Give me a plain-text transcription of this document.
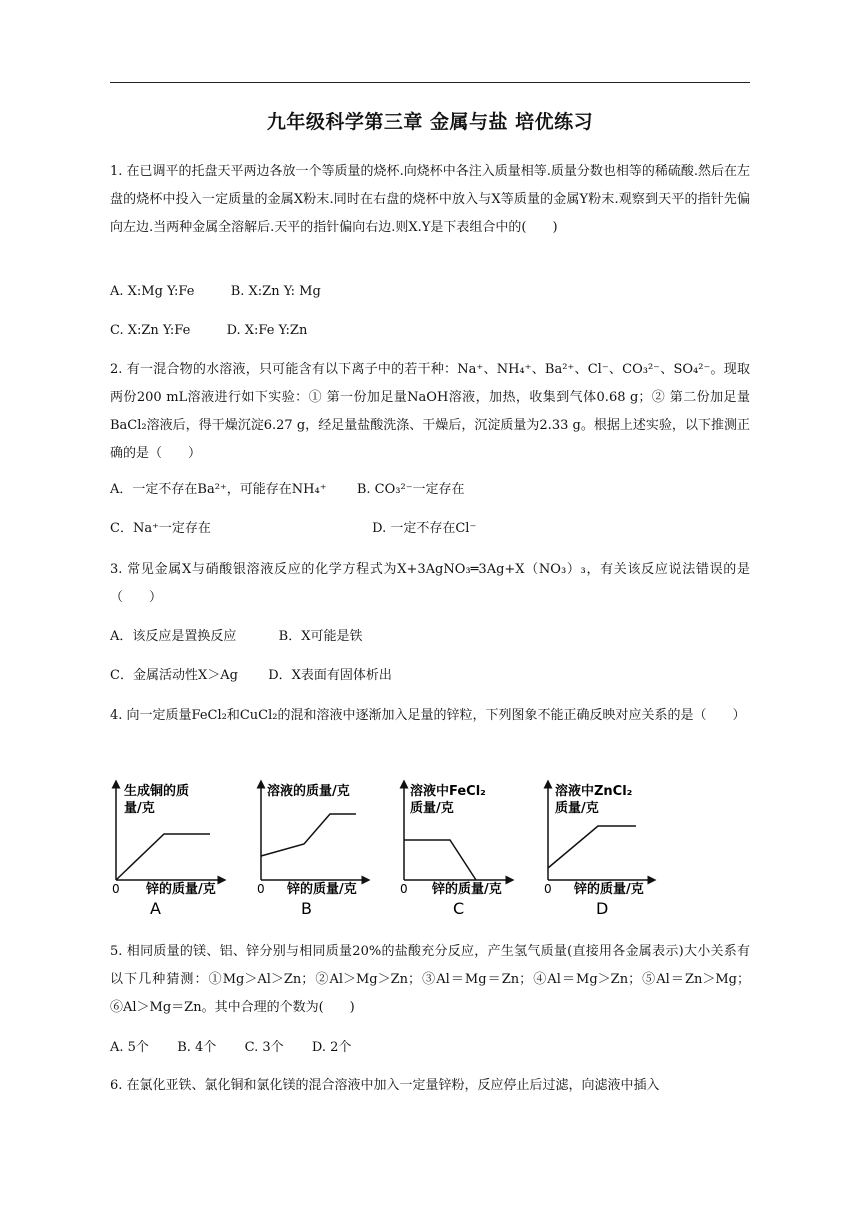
九年级科学第三章 金属与盐 培优练习
1. 在已调平的托盘天平两边各放一个等质量的烧杯.向烧杯中各注入质量相等.质量分数也相等的稀硫酸.然后在左盘的烧杯中投入一定质量的金属X粉末.同时在右盘的烧杯中放入与X等质量的金属Y粉末.观察到天平的指针先偏向左边.当两种金属全溶解后.天平的指针偏向右边.则X.Y是下表组合中的(　　)
A. X:Mg Y:Fe	B. X:Zn Y: Mg
C. X:Zn Y:Fe	D. X:Fe Y:Zn
2. 有一混合物的水溶液，只可能含有以下离子中的若干种：Na⁺、NH₄⁺、Ba²⁺、Cl⁻、CO₃²⁻、SO₄²⁻。现取两份200 mL溶液进行如下实验：① 第一份加足量NaOH溶液，加热，收集到气体0.68 g；② 第二份加足量BaCl₂溶液后，得干燥沉淀6.27 g，经足量盐酸洗涤、干燥后，沉淀质量为2.33 g。根据上述实验，以下推测正确的是（　　）
A．一定不存在Ba²⁺，可能存在NH₄⁺ B. CO₃²⁻一定存在
C．Na⁺一定存在	D. 一定不存在Cl⁻
3. 常见金属X与硝酸银溶液反应的化学方程式为X+3AgNO₃═3Ag+X（NO₃）₃，有关该反应说法错误的是（　　）
A．该反应是置换反应	B．X可能是铁
C．金属活动性X＞Ag D．X表面有固体析出
4. 向一定质量FeCl₂和CuCl₂的混和溶液中逐渐加入足量的锌粒，下列图象不能正确反映对应关系的是（　　）
生成铜的质
量/克
0 锌的质量/克
A
溶液的质量/克
0 锌的质量/克
B
溶液中FeCl₂
质量/克
0 锌的质量/克
C
溶液中ZnCl₂
质量/克
0 锌的质量/克
D
5. 相同质量的镁、铝、锌分别与相同质量20%的盐酸充分反应，产生氢气质量(直接用各金属表示)大小关系有以下几种猜测：①Mg＞Al＞Zn；②Al＞Mg＞Zn；③Al＝Mg＝Zn；④Al＝Mg＞Zn；⑤Al＝Zn＞Mg；⑥Al＞Mg＝Zn。其中合理的个数为(　　)
A. 5个 B. 4个 C. 3个 D. 2个
6. 在氯化亚铁、氯化铜和氯化镁的混合溶液中加入一定量锌粉，反应停止后过滤，向滤液中插入
